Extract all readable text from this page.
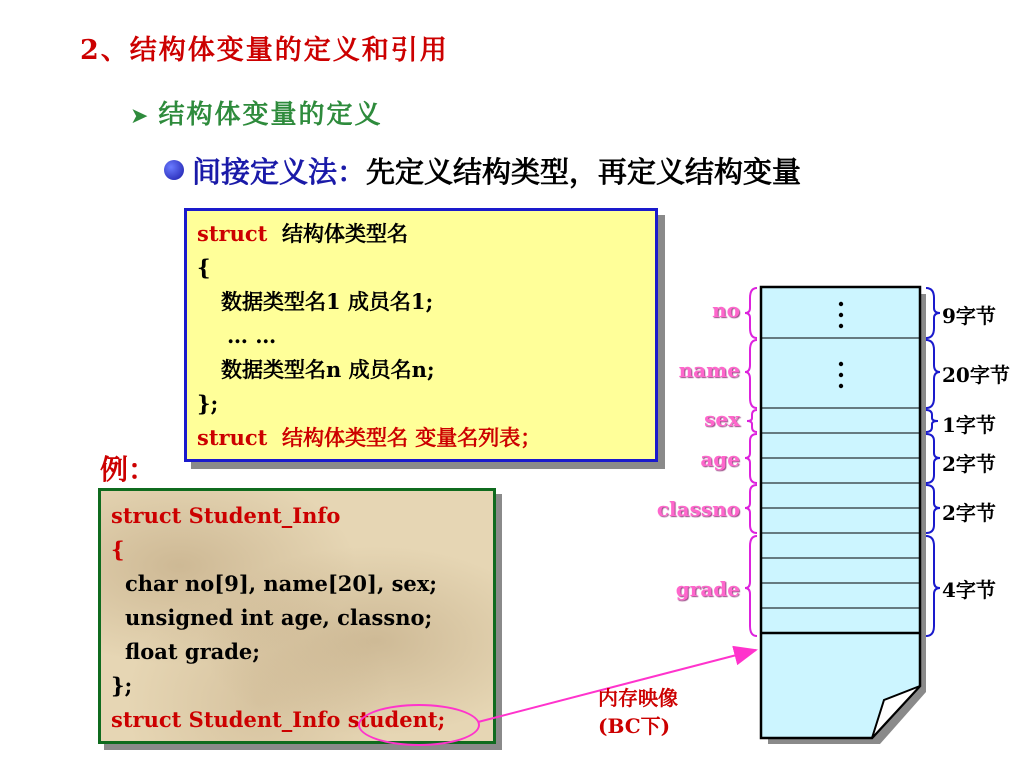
2、结构体变量的定义和引用
➤ 结构体变量的定义
间接定义法：先定义结构类型，再定义结构变量
struct 结构体类型名
{
数据类型名1 成员名1;
… …
数据类型名n 成员名n;
};
struct 结构体类型名 变量名列表；
例：
struct Student_Info
{
char no[9], name[20], sex;
unsigned int age, classno;
float grade;
};
struct Student_Info student;
no
name
sex
age
classno
grade
9字节
20字节
1字节
2字节
2字节
4字节
内存映像
(BC下)
